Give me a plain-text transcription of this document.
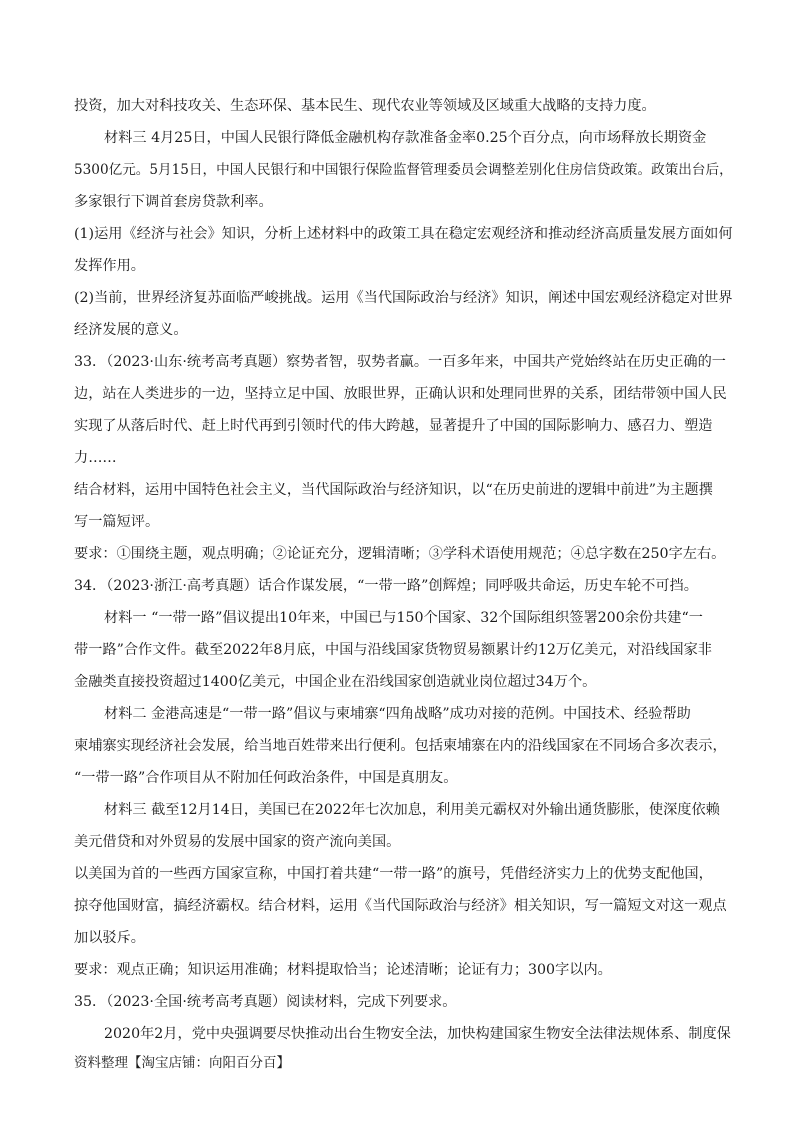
投资，加大对科技攻关、生态环保、基本民生、现代农业等领域及区域重大战略的支持力度。
材料三 4月25日，中国人民银行降低金融机构存款准备金率0.25个百分点，向市场释放长期资金
5300亿元。5月15日，中国人民银行和中国银行保险监督管理委员会调整差别化住房信贷政策。政策出台后，
多家银行下调首套房贷款利率。
(1)运用《经济与社会》知识，分析上述材料中的政策工具在稳定宏观经济和推动经济高质量发展方面如何
发挥作用。
(2)当前，世界经济复苏面临严峻挑战。运用《当代国际政治与经济》知识，阐述中国宏观经济稳定对世界
经济发展的意义。
33．（2023·山东·统考高考真题）察势者智，驭势者赢。一百多年来，中国共产党始终站在历史正确的一
边，站在人类进步的一边，坚持立足中国、放眼世界，正确认识和处理同世界的关系，团结带领中国人民
实现了从落后时代、赶上时代再到引领时代的伟大跨越，显著提升了中国的国际影响力、感召力、塑造
力……
结合材料，运用中国特色社会主义，当代国际政治与经济知识，以“在历史前进的逻辑中前进”为主题撰
写一篇短评。
要求：①围绕主题，观点明确；②论证充分，逻辑清晰；③学科术语使用规范；④总字数在250字左右。
34．（2023·浙江·高考真题）话合作谋发展，“一带一路”创辉煌；同呼吸共命运，历史车轮不可挡。
材料一 “一带一路”倡议提出10年来，中国已与150个国家、32个国际组织签署200余份共建“一
带一路”合作文件。截至2022年8月底，中国与沿线国家货物贸易额累计约12万亿美元，对沿线国家非
金融类直接投资超过1400亿美元，中国企业在沿线国家创造就业岗位超过34万个。
材料二 金港高速是“一带一路”倡议与柬埔寨“四角战略”成功对接的范例。中国技术、经验帮助
柬埔寨实现经济社会发展，给当地百姓带来出行便利。包括柬埔寨在内的沿线国家在不同场合多次表示，
“一带一路”合作项目从不附加任何政治条件，中国是真朋友。
材料三 截至12月14日，美国已在2022年七次加息，利用美元霸权对外输出通货膨胀，使深度依赖
美元借贷和对外贸易的发展中国家的资产流向美国。
以美国为首的一些西方国家宣称，中国打着共建“一带一路”的旗号，凭借经济实力上的优势支配他国，
掠夺他国财富，搞经济霸权。结合材料，运用《当代国际政治与经济》相关知识，写一篇短文对这一观点
加以驳斥。
要求：观点正确；知识运用准确；材料提取恰当；论述清晰；论证有力；300字以内。
35．（2023·全国·统考高考真题）阅读材料，完成下列要求。
2020年2月，党中央强调要尽快推动出台生物安全法，加快构建国家生物安全法律法规体系、制度保
资料整理【淘宝店铺：向阳百分百】
